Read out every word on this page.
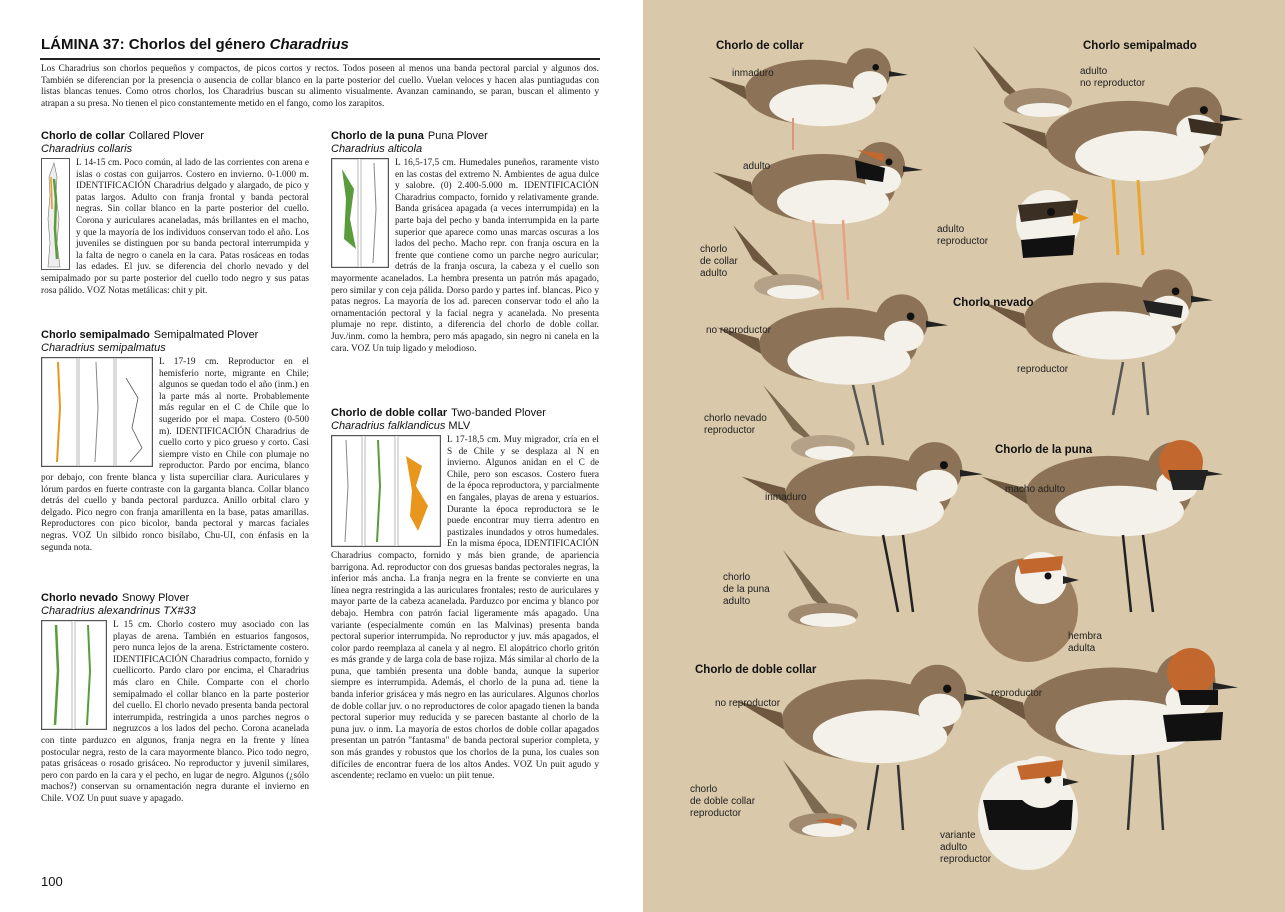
LÁMINA 37: Chorlos del género Charadrius
Los Charadrius son chorlos pequeños y compactos, de picos cortos y rectos. Todos poseen al menos una banda pectoral parcial y algunos dos. También se diferencian por la presencia o ausencia de collar blanco en la parte posterior del cuello. Vuelan veloces y hacen alas puntiagudas con listas blancas tenues. Como otros chorlos, los Charadrius buscan su alimento visualmente. Avanzan caminando, se paran, buscan el alimento y atrapan a su presa. No tienen el pico constantemente metido en el fango, como los zarapitos.
Chorlo de collar Collared Plover
Charadrius collaris
L 14-15 cm. Poco común, al lado de las corrientes con arena e islas o costas con guijarros. Costero en invierno. 0-1.000 m. IDENTIFICACIÓN Charadrius delgado y alargado, de pico y patas largos. Adulto con franja frontal y banda pectoral negras. Sin collar blanco en la parte posterior del cuello. Corona y auriculares acaneladas, más brillantes en el macho, y que la mayoría de los individuos conservan todo el año. Los juveniles se distinguen por su banda pectoral interrumpida y la falta de negro o canela en la cara. Patas rosáceas en todas las edades. El juv. se diferencia del chorlo nevado y del semipalmado por su parte posterior del cuello todo negro y sus patas rosa pálido. VOZ Notas metálicas: chit y pit.
Chorlo semipalmado Semipalmated Plover
Charadrius semipalmatus
L 17-19 cm. Reproductor en el hemisferio norte, migrante en Chile; algunos se quedan todo el año (inm.) en la parte más al norte. Probablemente más regular en el C de Chile que lo sugerido por el mapa. Costero (0-500 m). IDENTIFICACIÓN Charadrius de cuello corto y pico grueso y corto. Casi siempre visto en Chile con plumaje no reproductor. Pardo por encima, blanco por debajo, con frente blanca y lista superciliar clara. Auriculares y lórum pardos en fuerte contraste con la garganta blanca. Collar blanco detrás del cuello y banda pectoral parduzca. Anillo orbital claro y delgado. Pico negro con franja amarillenta en la base, patas amarillas. Reproductores con pico bicolor, banda pectoral y marcas faciales negras. VOZ Un silbido ronco bisílabo, Chu-UI, con énfasis en la segunda nota.
Chorlo nevado Snowy Plover
Charadrius alexandrinus TX#33
L 15 cm. Chorlo costero muy asociado con las playas de arena. También en estuarios fangosos, pero nunca lejos de la arena. Estrictamente costero. IDENTIFICACIÓN Charadrius compacto, fornido y cuellicorto. Pardo claro por encima, el Charadrius más claro en Chile. Comparte con el chorlo semipalmado el collar blanco en la parte posterior del cuello. El chorlo nevado presenta banda pectoral interrumpida, restringida a unos parches negros o negruzcos a los lados del pecho. Corona acanelada con tinte parduzco en algunos, franja negra en la frente y línea postocular negra, resto de la cara mayormente blanco. Pico todo negro, patas grisáceas o rosado grisáceo. No reproductor y juvenil similares, pero con pardo en la cara y el pecho, en lugar de negro. Algunos (¿sólo machos?) conservan su ornamentación negra durante el invierno en Chile. VOZ Un puut suave y apagado.
Chorlo de la puna Puna Plover
Charadrius alticola
L 16,5-17,5 cm. Humedales puneños, raramente visto en las costas del extremo N. Ambientes de agua dulce y salobre. (0) 2.400-5.000 m. IDENTIFICACIÓN Charadrius compacto, fornido y relativamente grande. Banda grisácea apagada (a veces interrumpida) en la parte baja del pecho y banda interrumpida en la parte superior que aparece como unas marcas oscuras a los lados del pecho. Macho repr. con franja oscura en la frente que contiene como un parche negro auricular; detrás de la franja oscura, la cabeza y el cuello son mayormente acanelados. La hembra presenta un patrón más apagado, pero similar y con ceja pálida. Dorso pardo y partes inf. blancas. Pico y patas negros. La mayoría de los ad. parecen conservar todo el año la ornamentación pectoral y la facial negra y acanelada. No presenta plumaje no repr. distinto, a diferencia del chorlo de doble collar. Juv./inm. como la hembra, pero más apagado, sin negro ni canela en la cara. VOZ Un tuip ligado y melodioso.
Chorlo de doble collar Two-banded Plover
Charadrius falklandicus MLV
L 17-18,5 cm. Muy migrador, cría en el S de Chile y se desplaza al N en invierno. Algunos anidan en el C de Chile, pero son escasos. Costero fuera de la época reproductora, y parcialmente en fangales, playas de arena y estuarios. Durante la época reproductora se le puede encontrar muy tierra adentro en pastizales inundados y otros humedales. En la misma época, IDENTIFICACIÓN Charadrius compacto, fornido y más bien grande, de apariencia barrigona. Ad. reproductor con dos gruesas bandas pectorales negras, la inferior más ancha. La franja negra en la frente se convierte en una línea negra restringida a las auriculares frontales; resto de auriculares y mayor parte de la cabeza acanelada. Parduzco por encima y blanco por debajo. Hembra con patrón facial ligeramente más apagado. Una variante (especialmente común en las Malvinas) presenta banda pectoral superior interrumpida. No reproductor y juv. más apagados, el color pardo reemplaza al canela y al negro. El alopátrico chorlo gritón es más grande y de larga cola de base rojiza. Más similar al chorlo de la puna, que también presenta una doble banda, aunque la superior siempre es interrumpida. Además, el chorlo de la puna ad. tiene la banda inferior grisácea y más negro en las auriculares. Algunos chorlos de doble collar juv. o no reproductores de color apagado tienen la banda pectoral superior muy reducida y se parecen bastante al chorlo de la puna juv. o inm. La mayoría de estos chorlos de doble collar apagados presentan un patrón "fantasma" de banda pectoral superior completa, y son más grandes y robustos que los chorlos de la puna, los cuales son difíciles de encontrar fuera de los altos Andes. VOZ Un puit agudo y ascendente; reclamo en vuelo: un piit tenue.
100
Chorlo de collar
inmaduro
adulto
chorlo
de collar
adulto
Chorlo semipalmado
adulto
no reproductor
adulto
reproductor
Chorlo nevado
no reproductor
reproductor
chorlo nevado
reproductor
Chorlo de la puna
inmaduro
macho adulto
chorlo
de la puna
adulto
hembra
adulta
Chorlo de doble collar
no reproductor
reproductor
chorlo
de doble collar
reproductor
variante
adulto
reproductor
